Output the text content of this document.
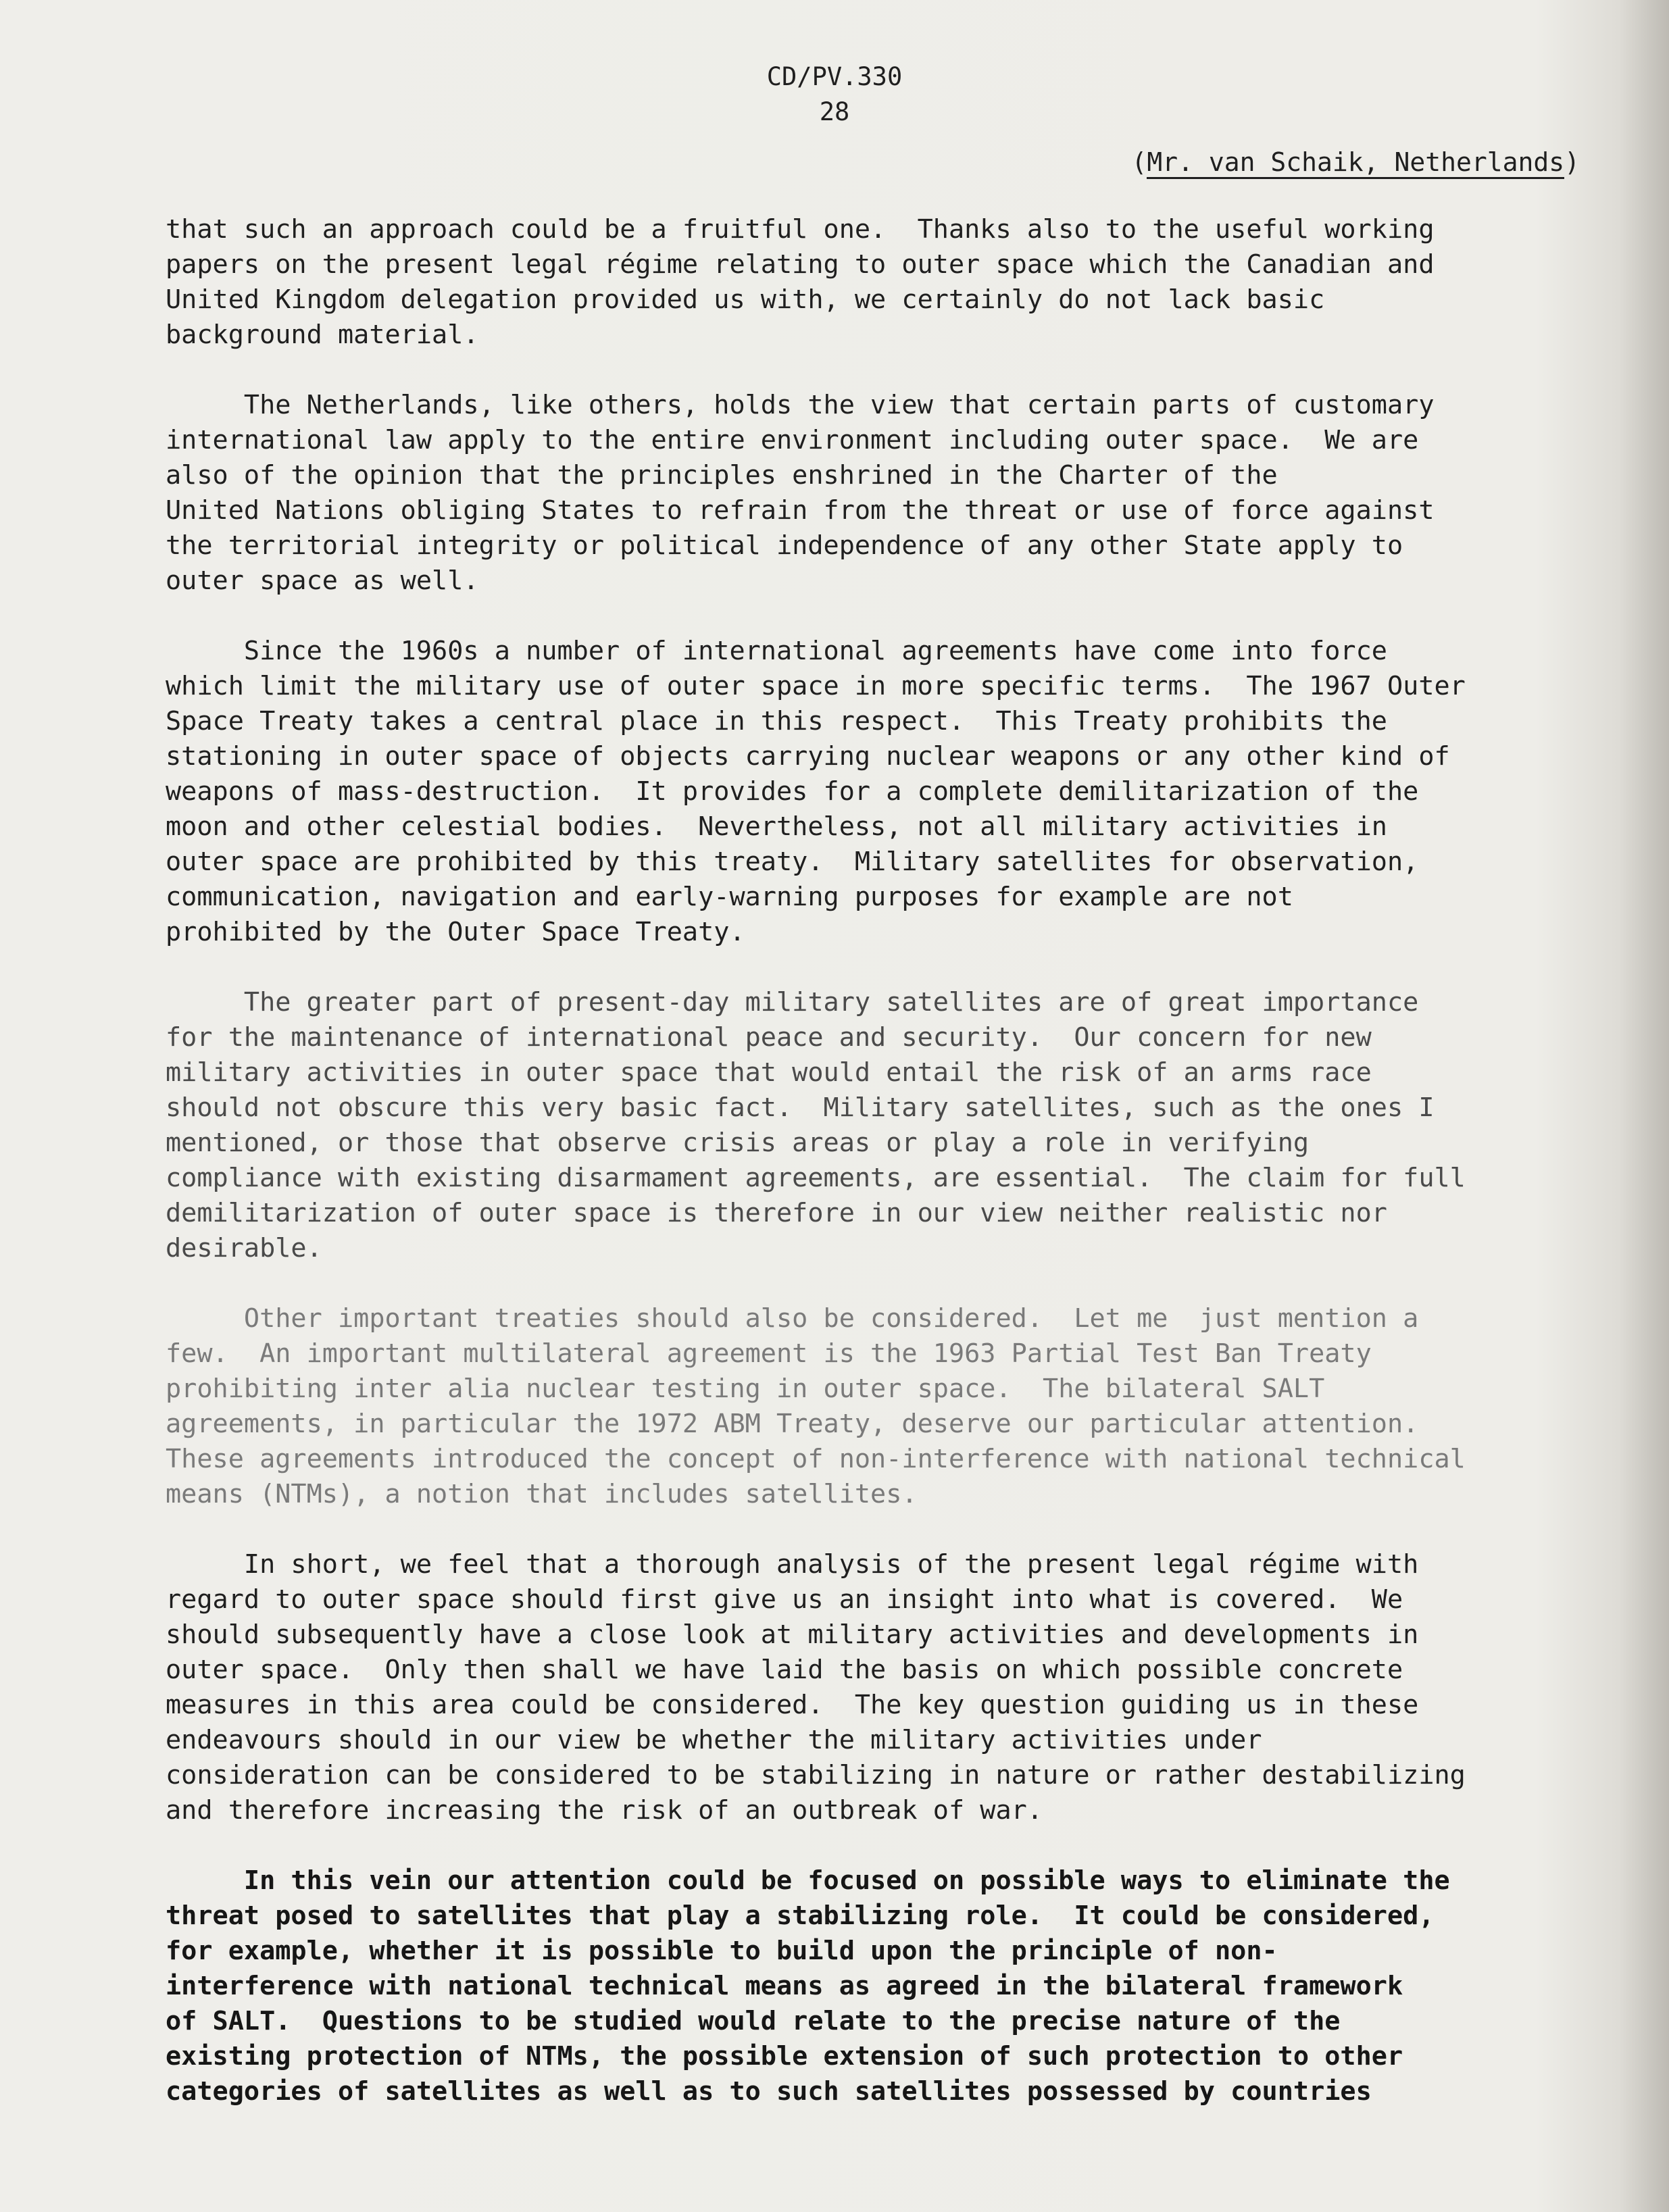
CD/PV.330
28
(Mr. van Schaik, Netherlands)
that such an approach could be a fruitful one.  Thanks also to the useful working
papers on the present legal régime relating to outer space which the Canadian and
United Kingdom delegation provided us with, we certainly do not lack basic
background material.
The Netherlands, like others, holds the view that certain parts of customary
international law apply to the entire environment including outer space.  We are
also of the opinion that the principles enshrined in the Charter of the
United Nations obliging States to refrain from the threat or use of force against
the territorial integrity or political independence of any other State apply to
outer space as well.
Since the 1960s a number of international agreements have come into force
which limit the military use of outer space in more specific terms.  The 1967 Outer
Space Treaty takes a central place in this respect.  This Treaty prohibits the
stationing in outer space of objects carrying nuclear weapons or any other kind of
weapons of mass-destruction.  It provides for a complete demilitarization of the
moon and other celestial bodies.  Nevertheless, not all military activities in
outer space are prohibited by this treaty.  Military satellites for observation,
communication, navigation and early-warning purposes for example are not
prohibited by the Outer Space Treaty.
The greater part of present-day military satellites are of great importance
for the maintenance of international peace and security.  Our concern for new
military activities in outer space that would entail the risk of an arms race
should not obscure this very basic fact.  Military satellites, such as the ones I
mentioned, or those that observe crisis areas or play a role in verifying
compliance with existing disarmament agreements, are essential.  The claim for full
demilitarization of outer space is therefore in our view neither realistic nor
desirable.
Other important treaties should also be considered.  Let me  just mention a
few.  An important multilateral agreement is the 1963 Partial Test Ban Treaty
prohibiting inter alia nuclear testing in outer space.  The bilateral SALT
agreements, in particular the 1972 ABM Treaty, deserve our particular attention.
These agreements introduced the concept of non-interference with national technical
means (NTMs), a notion that includes satellites.
In short, we feel that a thorough analysis of the present legal régime with
regard to outer space should first give us an insight into what is covered.  We
should subsequently have a close look at military activities and developments in
outer space.  Only then shall we have laid the basis on which possible concrete
measures in this area could be considered.  The key question guiding us in these
endeavours should in our view be whether the military activities under
consideration can be considered to be stabilizing in nature or rather destabilizing
and therefore increasing the risk of an outbreak of war.
In this vein our attention could be focused on possible ways to eliminate the
threat posed to satellites that play a stabilizing role.  It could be considered,
for example, whether it is possible to build upon the principle of non-
interference with national technical means as agreed in the bilateral framework
of SALT.  Questions to be studied would relate to the precise nature of the
existing protection of NTMs, the possible extension of such protection to other
categories of satellites as well as to such satellites possessed by countries
